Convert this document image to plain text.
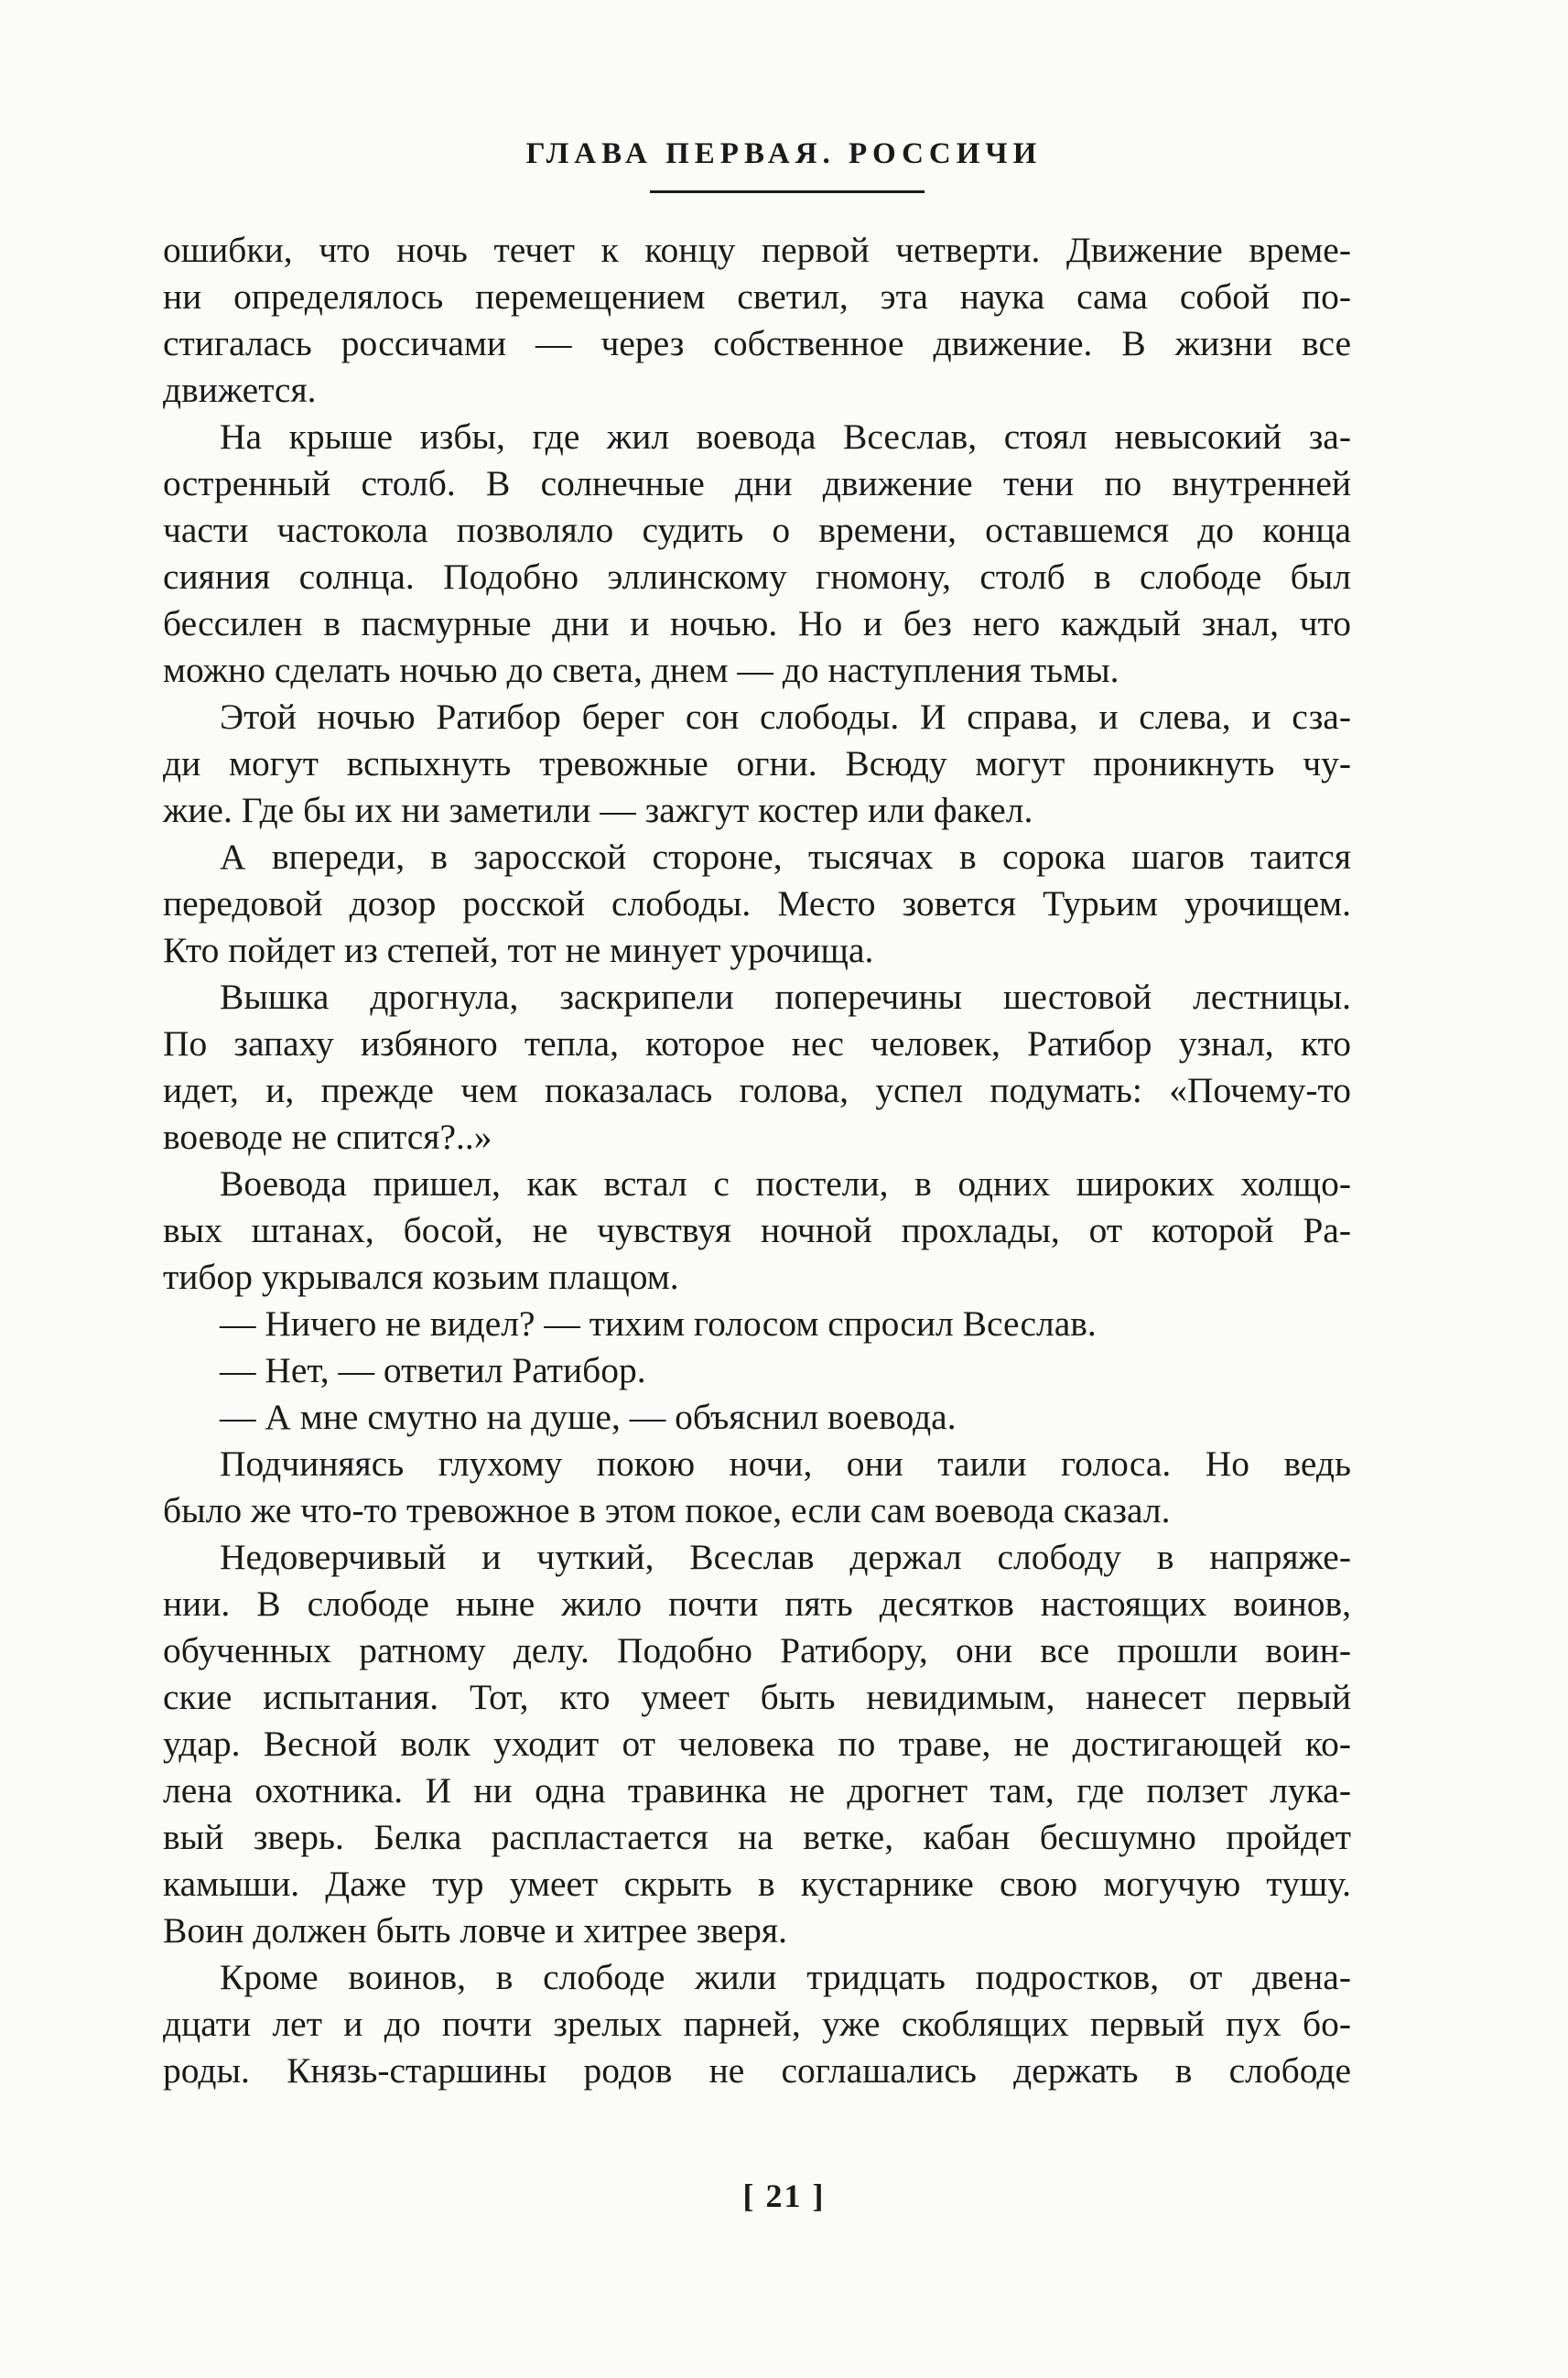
ГЛАВА ПЕРВАЯ. РОССИЧИ
ошибки, что ночь течет к концу первой четверти. Движение време-
ни определялось перемещением светил, эта наука сама собой по-
стигалась россичами — через собственное движение. В жизни все
движется.
На крыше избы, где жил воевода Всеслав, стоял невысокий за-
остренный столб. В солнечные дни движение тени по внутренней
части частокола позволяло судить о времени, оставшемся до конца
сияния солнца. Подобно эллинскому гномону, столб в слободе был
бессилен в пасмурные дни и ночью. Но и без него каждый знал, что
можно сделать ночью до света, днем — до наступления тьмы.
Этой ночью Ратибор берег сон слободы. И справа, и слева, и сза-
ди могут вспыхнуть тревожные огни. Всюду могут проникнуть чу-
жие. Где бы их ни заметили — зажгут костер или факел.
А впереди, в заросской стороне, тысячах в сорока шагов таится
передовой дозор росской слободы. Место зовется Турьим урочищем.
Кто пойдет из степей, тот не минует урочища.
Вышка дрогнула, заскрипели поперечины шестовой лестницы.
По запаху избяного тепла, которое нес человек, Ратибор узнал, кто
идет, и, прежде чем показалась голова, успел подумать: «Почему-то
воеводе не спится?..»
Воевода пришел, как встал с постели, в одних широких холщо-
вых штанах, босой, не чувствуя ночной прохлады, от которой Ра-
тибор укрывался козьим плащом.
— Ничего не видел? — тихим голосом спросил Всеслав.
— Нет, — ответил Ратибор.
— А мне смутно на душе, — объяснил воевода.
Подчиняясь глухому покою ночи, они таили голоса. Но ведь
было же что-то тревожное в этом покое, если сам воевода сказал.
Недоверчивый и чуткий, Всеслав держал слободу в напряже-
нии. В слободе ныне жило почти пять десятков настоящих воинов,
обученных ратному делу. Подобно Ратибору, они все прошли воин-
ские испытания. Тот, кто умеет быть невидимым, нанесет первый
удар. Весной волк уходит от человека по траве, не достигающей ко-
лена охотника. И ни одна травинка не дрогнет там, где ползет лука-
вый зверь. Белка распластается на ветке, кабан бесшумно пройдет
камыши. Даже тур умеет скрыть в кустарнике свою могучую тушу.
Воин должен быть ловче и хитрее зверя.
Кроме воинов, в слободе жили тридцать подростков, от двена-
дцати лет и до почти зрелых парней, уже скоблящих первый пух бо-
роды. Князь-старшины родов не соглашались держать в слободе
[ 21 ]
